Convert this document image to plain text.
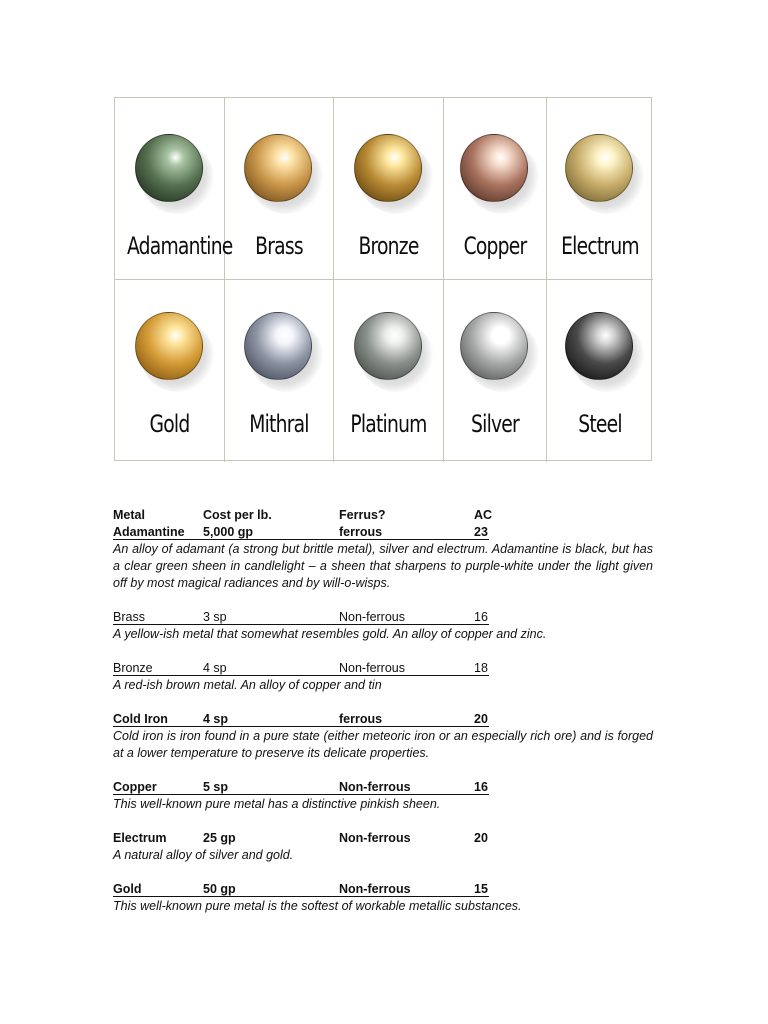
Adamantine Brass	Bronze	Copper	Electrum
Gold	Mithral	Platinum	Silver	Steel
Metal	Cost per lb.	Ferrus?	AC
Adamantine 5,000 gp	ferrous	23

An alloy of adamant (a strong but brittle metal), silver and electrum. Adamantine is black, but has a clear green sheen in candlelight – a sheen that sharpens to purple-white under the light given off by most magical radiances and by will-o-wisps.

Brass	3 sp	Non-ferrous	16

A yellow-ish metal that somewhat resembles gold. An alloy of copper and zinc.

Bronze	4 sp	Non-ferrous	18

A red-ish brown metal. An alloy of copper and tin

Cold Iron	4 sp	ferrous	20

Cold iron is iron found in a pure state (either meteoric iron or an especially rich ore) and is forged at a lower temperature to preserve its delicate properties.

Copper	5 sp	Non-ferrous	16

This well-known pure metal has a distinctive pinkish sheen.

Electrum	25 gp	Non-ferrous	20

A natural alloy of silver and gold.

Gold	50 gp	Non-ferrous	15

This well-known pure metal is the softest of workable metallic substances.
